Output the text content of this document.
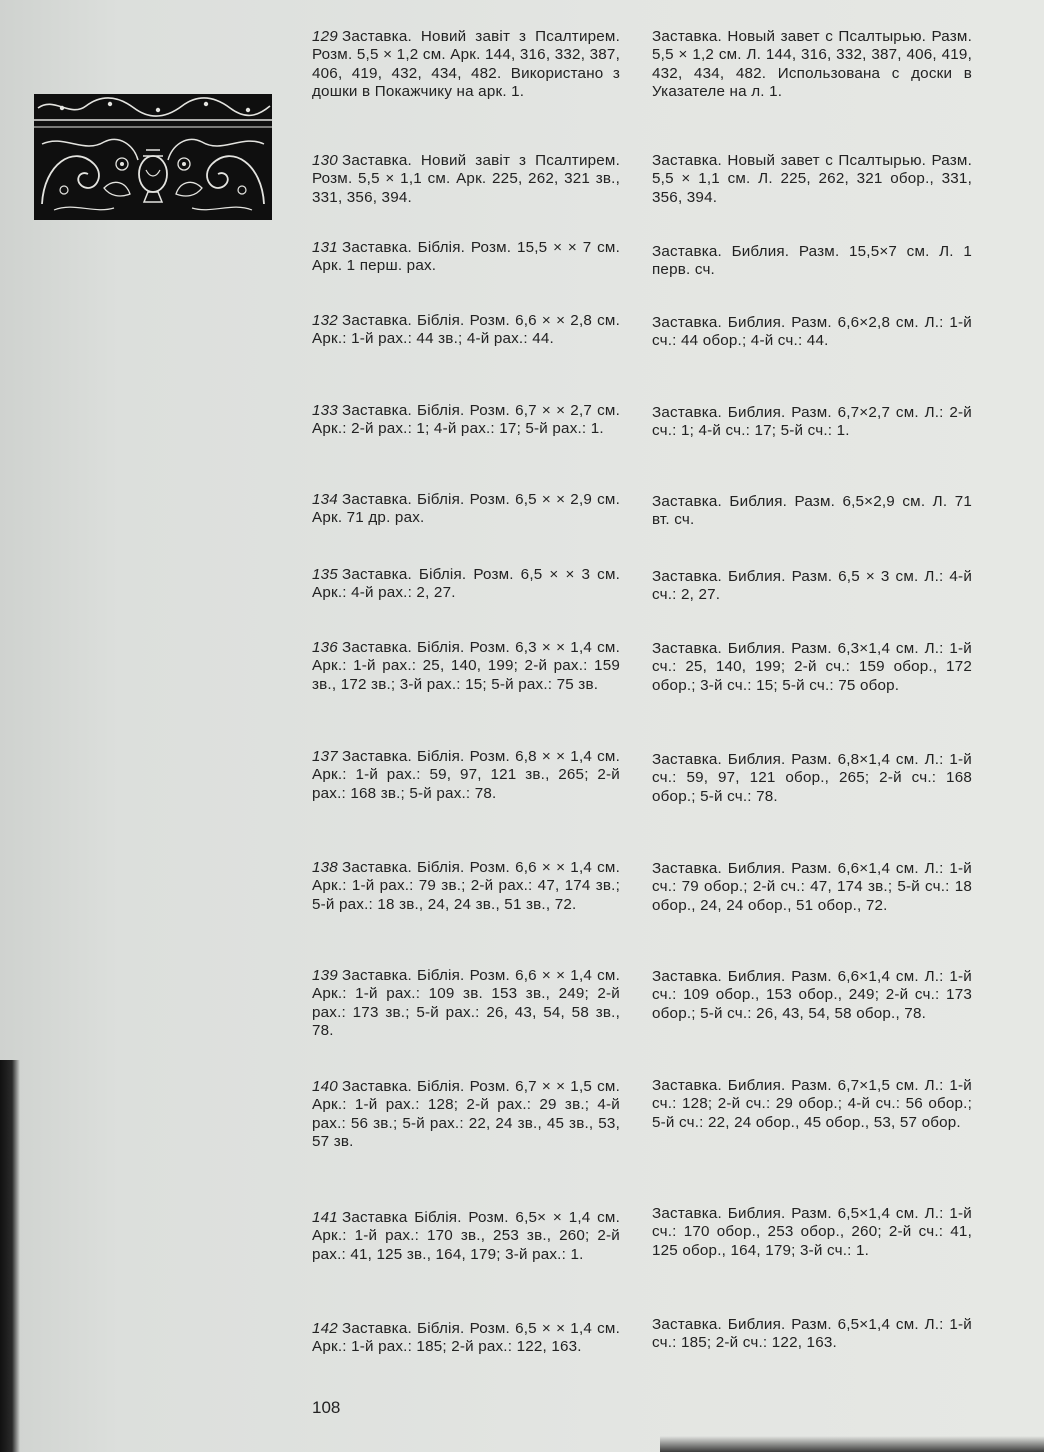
129 Заставка. Новий завіт з Псалтирем. Розм. 5,5 × 1,2 см. Арк. 144, 316, 332, 387, 406, 419, 432, 434, 482. Використано з дошки в Покажчику на арк. 1.
Заставка. Новый завет с Псалтырью. Разм. 5,5 × 1,2 см. Л. 144, 316, 332, 387, 406, 419, 432, 434, 482. Использована с доски в Указателе на л. 1.
130 Заставка. Новий завіт з Псалтирем. Розм. 5,5 × 1,1 см. Арк. 225, 262, 321 зв., 331, 356, 394.
Заставка. Новый завет с Псалтырью. Разм. 5,5 × 1,1 см. Л. 225, 262, 321 обор., 331, 356, 394.
131 Заставка. Біблія. Розм. 15,5 × × 7 см. Арк. 1 перш. рах.
Заставка. Библия. Разм. 15,5×7 см. Л. 1 перв. сч.
132 Заставка. Біблія. Розм. 6,6 × × 2,8 см. Арк.: 1-й рах.: 44 зв.; 4-й рах.: 44.
Заставка. Библия. Разм. 6,6×2,8 см. Л.: 1-й сч.: 44 обор.; 4-й сч.: 44.
133 Заставка. Біблія. Розм. 6,7 × × 2,7 см. Арк.: 2-й рах.: 1; 4-й рах.: 17; 5-й рах.: 1.
Заставка. Библия. Разм. 6,7×2,7 см. Л.: 2-й сч.: 1; 4-й сч.: 17; 5-й сч.: 1.
134 Заставка. Біблія. Розм. 6,5 × × 2,9 см. Арк. 71 др. рах.
Заставка. Библия. Разм. 6,5×2,9 см. Л. 71 вт. сч.
135 Заставка. Біблія. Розм. 6,5 × × 3 см. Арк.: 4-й рах.: 2, 27.
Заставка. Библия. Разм. 6,5 × 3 см. Л.: 4-й сч.: 2, 27.
136 Заставка. Біблія. Розм. 6,3 × × 1,4 см. Арк.: 1-й рах.: 25, 140, 199; 2-й рах.: 159 зв., 172 зв.; 3-й рах.: 15; 5-й рах.: 75 зв.
Заставка. Библия. Разм. 6,3×1,4 см. Л.: 1-й сч.: 25, 140, 199; 2-й сч.: 159 обор., 172 обор.; 3-й сч.: 15; 5-й сч.: 75 обор.
137 Заставка. Біблія. Розм. 6,8 × × 1,4 см. Арк.: 1-й рах.: 59, 97, 121 зв., 265; 2-й рах.: 168 зв.; 5-й рах.: 78.
Заставка. Библия. Разм. 6,8×1,4 см. Л.: 1-й сч.: 59, 97, 121 обор., 265; 2-й сч.: 168 обор.; 5-й сч.: 78.
138 Заставка. Біблія. Розм. 6,6 × × 1,4 см. Арк.: 1-й рах.: 79 зв.; 2-й рах.: 47, 174 зв.; 5-й рах.: 18 зв., 24, 24 зв., 51 зв., 72.
Заставка. Библия. Разм. 6,6×1,4 см. Л.: 1-й сч.: 79 обор.; 2-й сч.: 47, 174 зв.; 5-й сч.: 18 обор., 24, 24 обор., 51 обор., 72.
139 Заставка. Біблія. Розм. 6,6 × × 1,4 см. Арк.: 1-й рах.: 109 зв. 153 зв., 249; 2-й рах.: 173 зв.; 5-й рах.: 26, 43, 54, 58 зв., 78.
Заставка. Библия. Разм. 6,6×1,4 см. Л.: 1-й сч.: 109 обор., 153 обор., 249; 2-й сч.: 173 обор.; 5-й сч.: 26, 43, 54, 58 обор., 78.
140 Заставка. Біблія. Розм. 6,7 × × 1,5 см. Арк.: 1-й рах.: 128; 2-й рах.: 29 зв.; 4-й рах.: 56 зв.; 5-й рах.: 22, 24 зв., 45 зв., 53, 57 зв.
Заставка. Библия. Разм. 6,7×1,5 см. Л.: 1-й сч.: 128; 2-й сч.: 29 обор.; 4-й сч.: 56 обор.; 5-й сч.: 22, 24 обор., 45 обор., 53, 57 обор.
141 Заставка Біблія. Розм. 6,5× × 1,4 см. Арк.: 1-й рах.: 170 зв., 253 зв., 260; 2-й рах.: 41, 125 зв., 164, 179; 3-й рах.: 1.
Заставка. Библия. Разм. 6,5×1,4 см. Л.: 1-й сч.: 170 обор., 253 обор., 260; 2-й сч.: 41, 125 обор., 164, 179; 3-й сч.: 1.
142 Заставка. Біблія. Розм. 6,5 × × 1,4 см. Арк.: 1-й рах.: 185; 2-й рах.: 122, 163.
Заставка. Библия. Разм. 6,5×1,4 см. Л.: 1-й сч.: 185; 2-й сч.: 122, 163.
108
